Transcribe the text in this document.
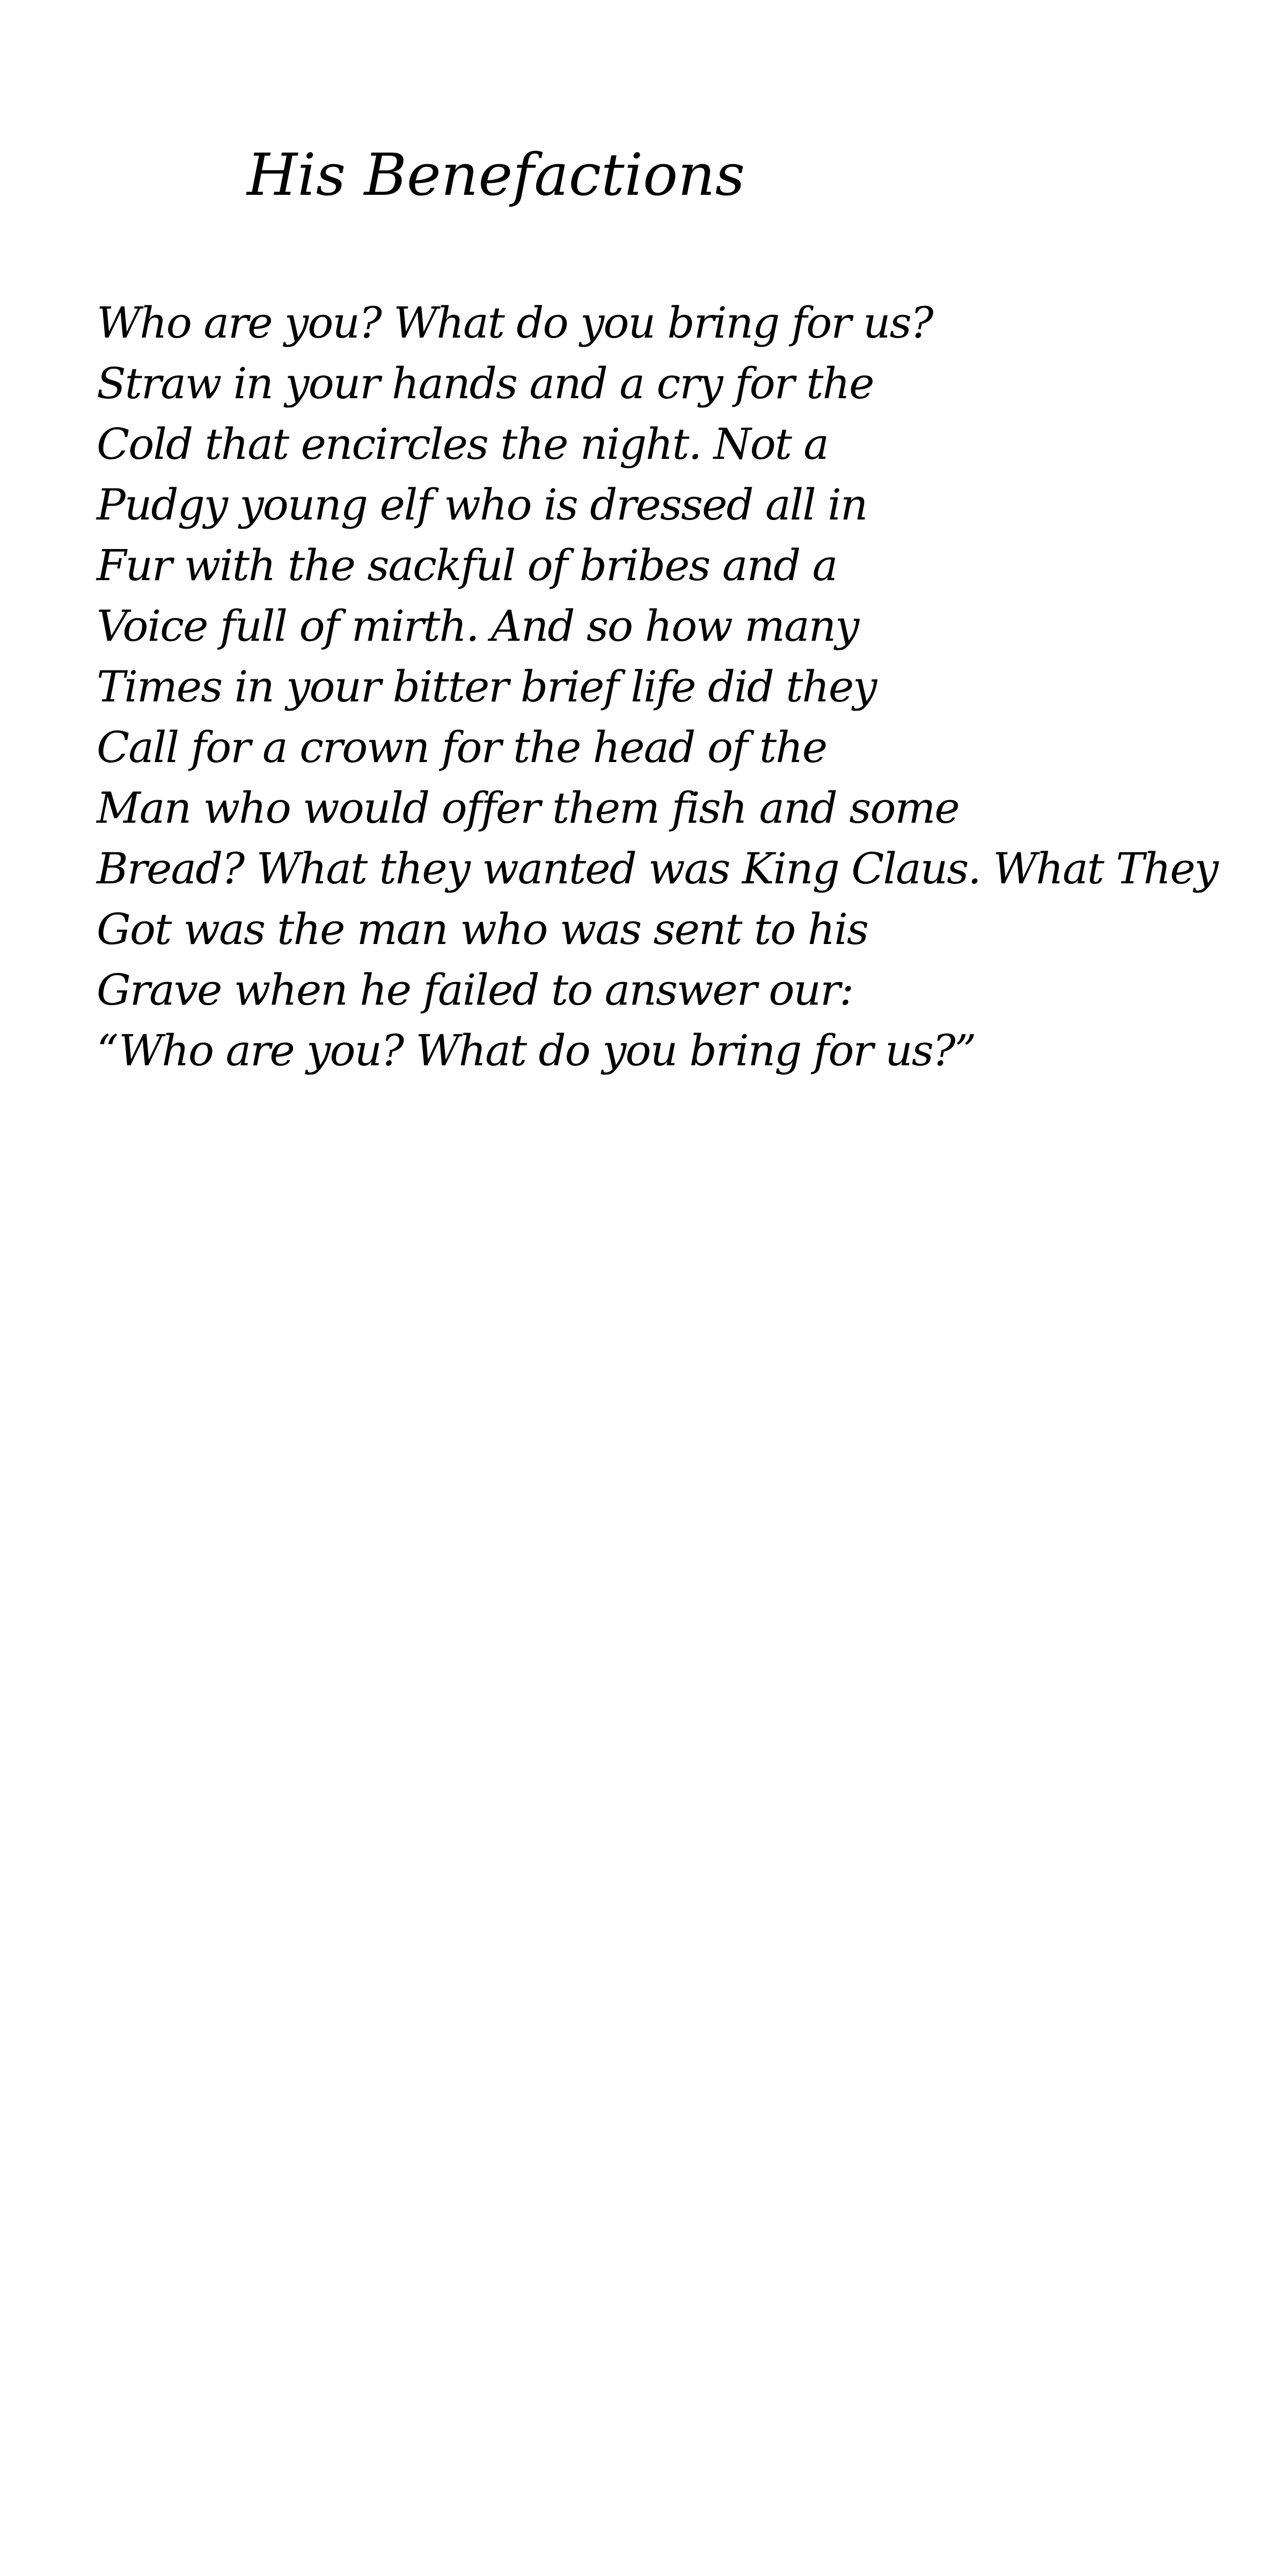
His Benefactions
Who are you? What do you bring for us?
Straw in your hands and a cry for the
Cold that encircles the night. Not a
Pudgy young elf who is dressed all in
Fur with the sackful of bribes and a
Voice full of mirth. And so how many
Times in your bitter brief life did they
Call for a crown for the head of the
Man who would offer them fish and some
Bread? What they wanted was King Claus. What They
Got was the man who was sent to his
Grave when he failed to answer our:
“Who are you? What do you bring for us?”
